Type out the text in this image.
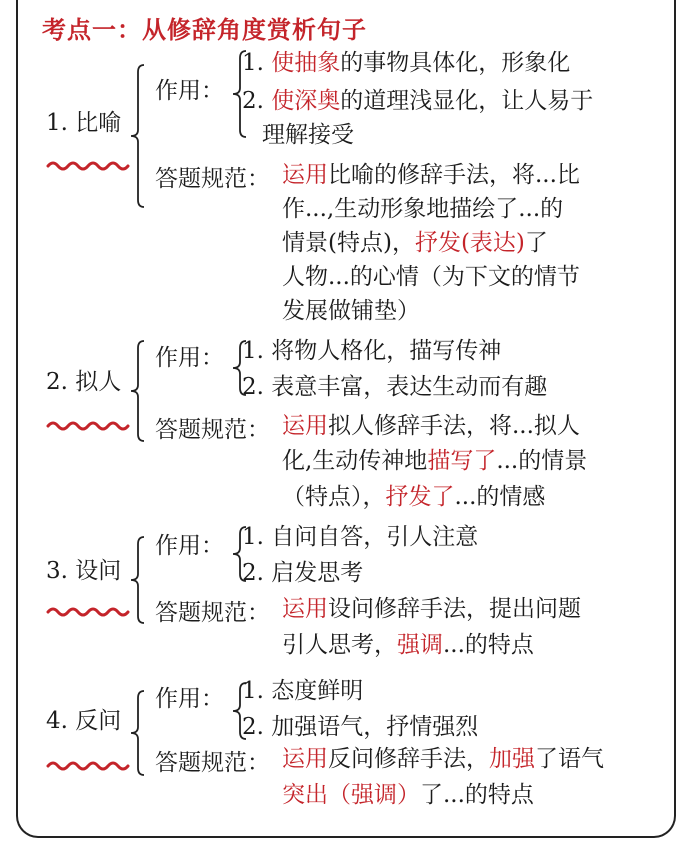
考点一：从修辞角度赏析句子
1. 比喻
作用：
1. 使抽象的事物具体化，形象化
2. 使深奥的道理浅显化，让人易于
理解接受
答题规范： 运用比喻的修辞手法，将...比
作...,生动形象地描绘了...的
情景(特点)，抒发(表达)了
人物...的心情（为下文的情节
发展做铺垫）
2. 拟人
作用： 1. 将物人格化，描写传神
2. 表意丰富，表达生动而有趣
答题规范： 运用拟人修辞手法，将...拟人
化,生动传神地描写了...的情景
（特点），抒发了...的情感
3. 设问
作用： 1. 自问自答，引人注意
2. 启发思考
答题规范： 运用设问修辞手法，提出问题
引人思考，强调...的特点
4. 反问
作用： 1. 态度鲜明
2. 加强语气，抒情强烈
答题规范： 运用反问修辞手法，加强了语气
突出（强调）了...的特点
